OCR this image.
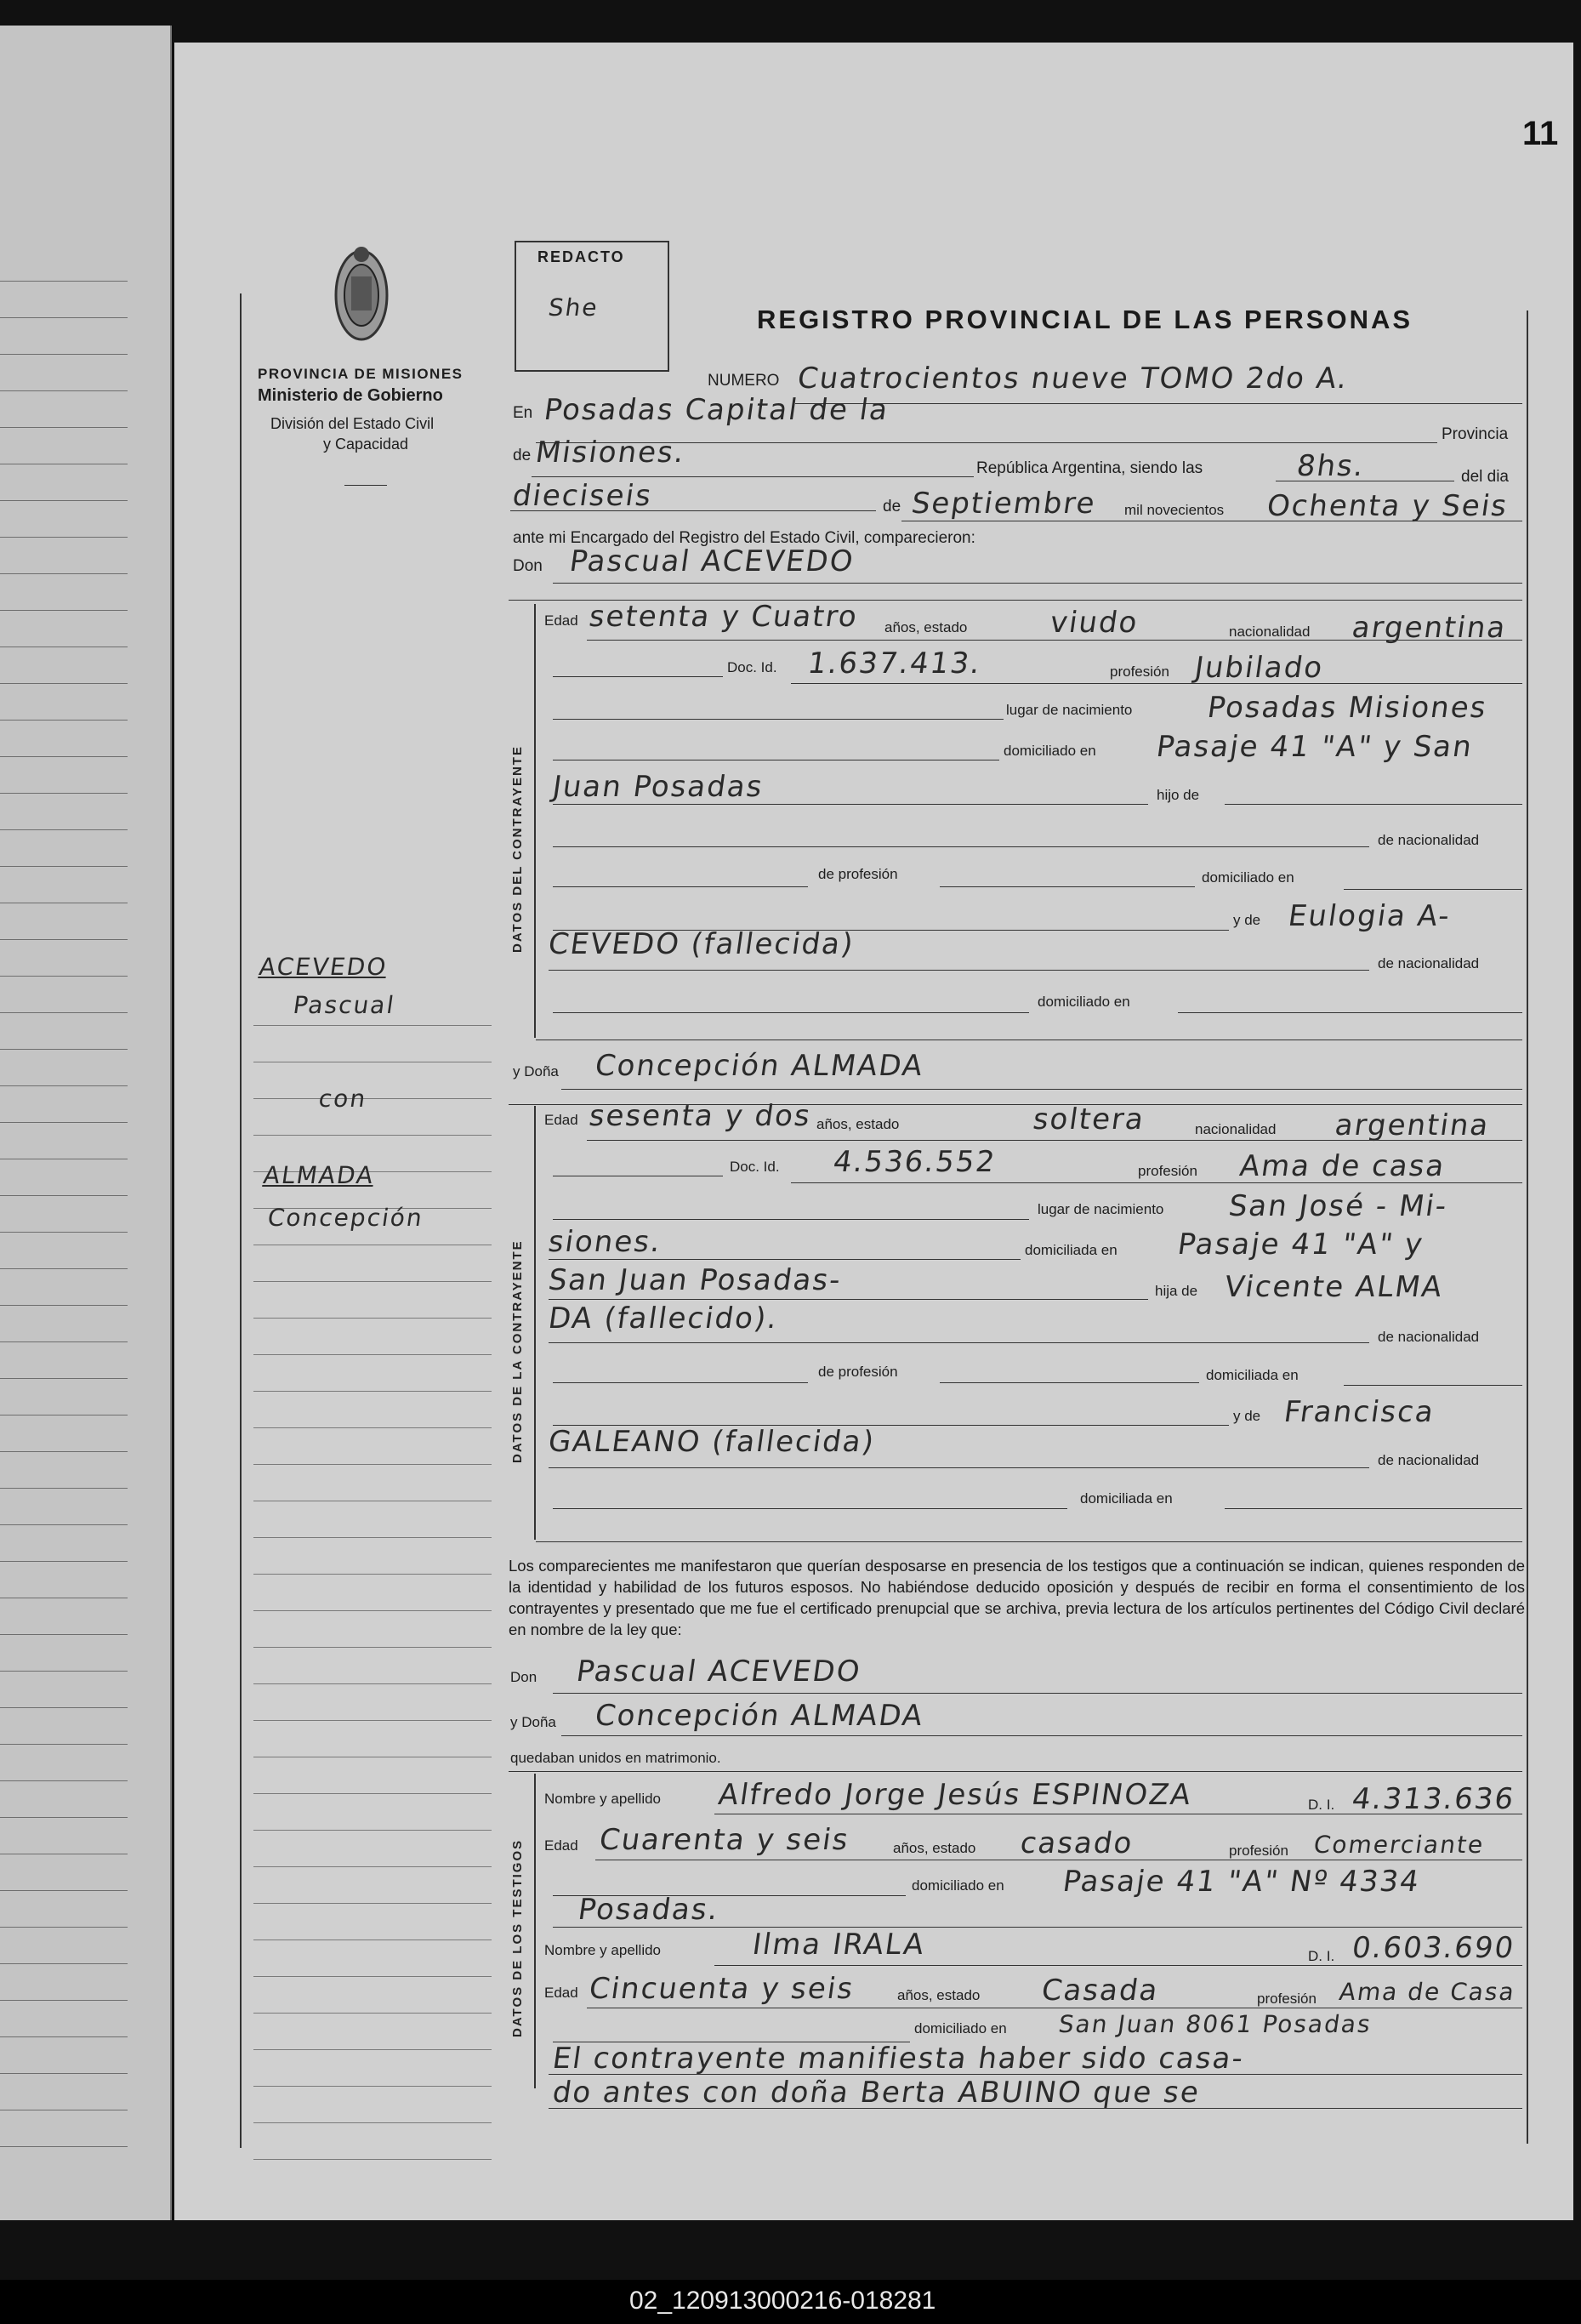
11
PROVINCIA DE MISIONES
Ministerio de Gobierno
División del Estado Civil
y Capacidad
REDACTO
She	REGISTRO PROVINCIAL DE LAS PERSONAS
NUMERO Cuatrocientos nueve TOMO 2do A.
En Posadas Capital de la
Provincia
de Misiones.	República Argentina, siendo las	8hs.	del dia
dieciseis	de Septiembre mil novecientos Ochenta y Seis
ante mi Encargado del Registro del Estado Civil, comparecieron:
Don Pascual ACEVEDO
DATOS DEL CONTRAYENTE
Edad setenta y Cuatro años, estado	viudo	nacionalidad argentina
Doc. Id. 1.637.413.	profesión Jubilado
lugar de nacimiento	Posadas Misiones
domiciliado en Pasaje 41 "A" y San
Juan Posadas	hijo de
de nacionalidad
de profesión	domiciliado en
y de Eulogia A-
CEVEDO (fallecida)
de nacionalidad
domiciliado en
y Doña Concepción ALMADA
DATOS DE LA CONTRAYENTE
Edad sesenta y dos años, estado	soltera	nacionalidad argentina
Doc. Id. 4.536.552	profesión Ama de casa
lugar de nacimiento San José - Mi-
siones.	domiciliada en Pasaje 41 "A" y
San Juan Posadas-	hija de Vicente ALMA
DA (fallecido).
de nacionalidad
de profesión	domiciliada en
y de Francisca
GALEANO (fallecida)
de nacionalidad
domiciliada en
Los comparecientes me manifestaron que querían desposarse en presencia de los testigos que a continuación se indican, quienes responden de la identidad y habilidad de los futuros esposos. No habiéndose deducido oposición y después de recibir en forma el consentimiento de los contrayentes y presentado que me fue el certificado prenupcial que se archiva, previa lectura de los artículos pertinentes del Código Civil declaré en nombre de la ley que:
Don Pascual ACEVEDO
y Doña Concepción ALMADA
quedaban unidos en matrimonio.
DATOS DE LOS TESTIGOS
Nombre y apellido Alfredo Jorge Jesús ESPINOZA	D. I. 4.313.636
Edad Cuarenta y seis	años, estado casado	profesión Comerciante
domiciliado en Pasaje 41 "A" Nº 4334
Posadas.
Nombre y apellido	Ilma IRALA	D. I. 0.603.690
Edad Cincuenta y seis	años, estado Casada	profesión Ama de Casa
domiciliado en San Juan 8061 Posadas
El contrayente manifiesta haber sido casa-
do antes con doña Berta ABUINO que se
ACEVEDO
Pascual
con
ALMADA
Concepción
02_120913000216-018281
